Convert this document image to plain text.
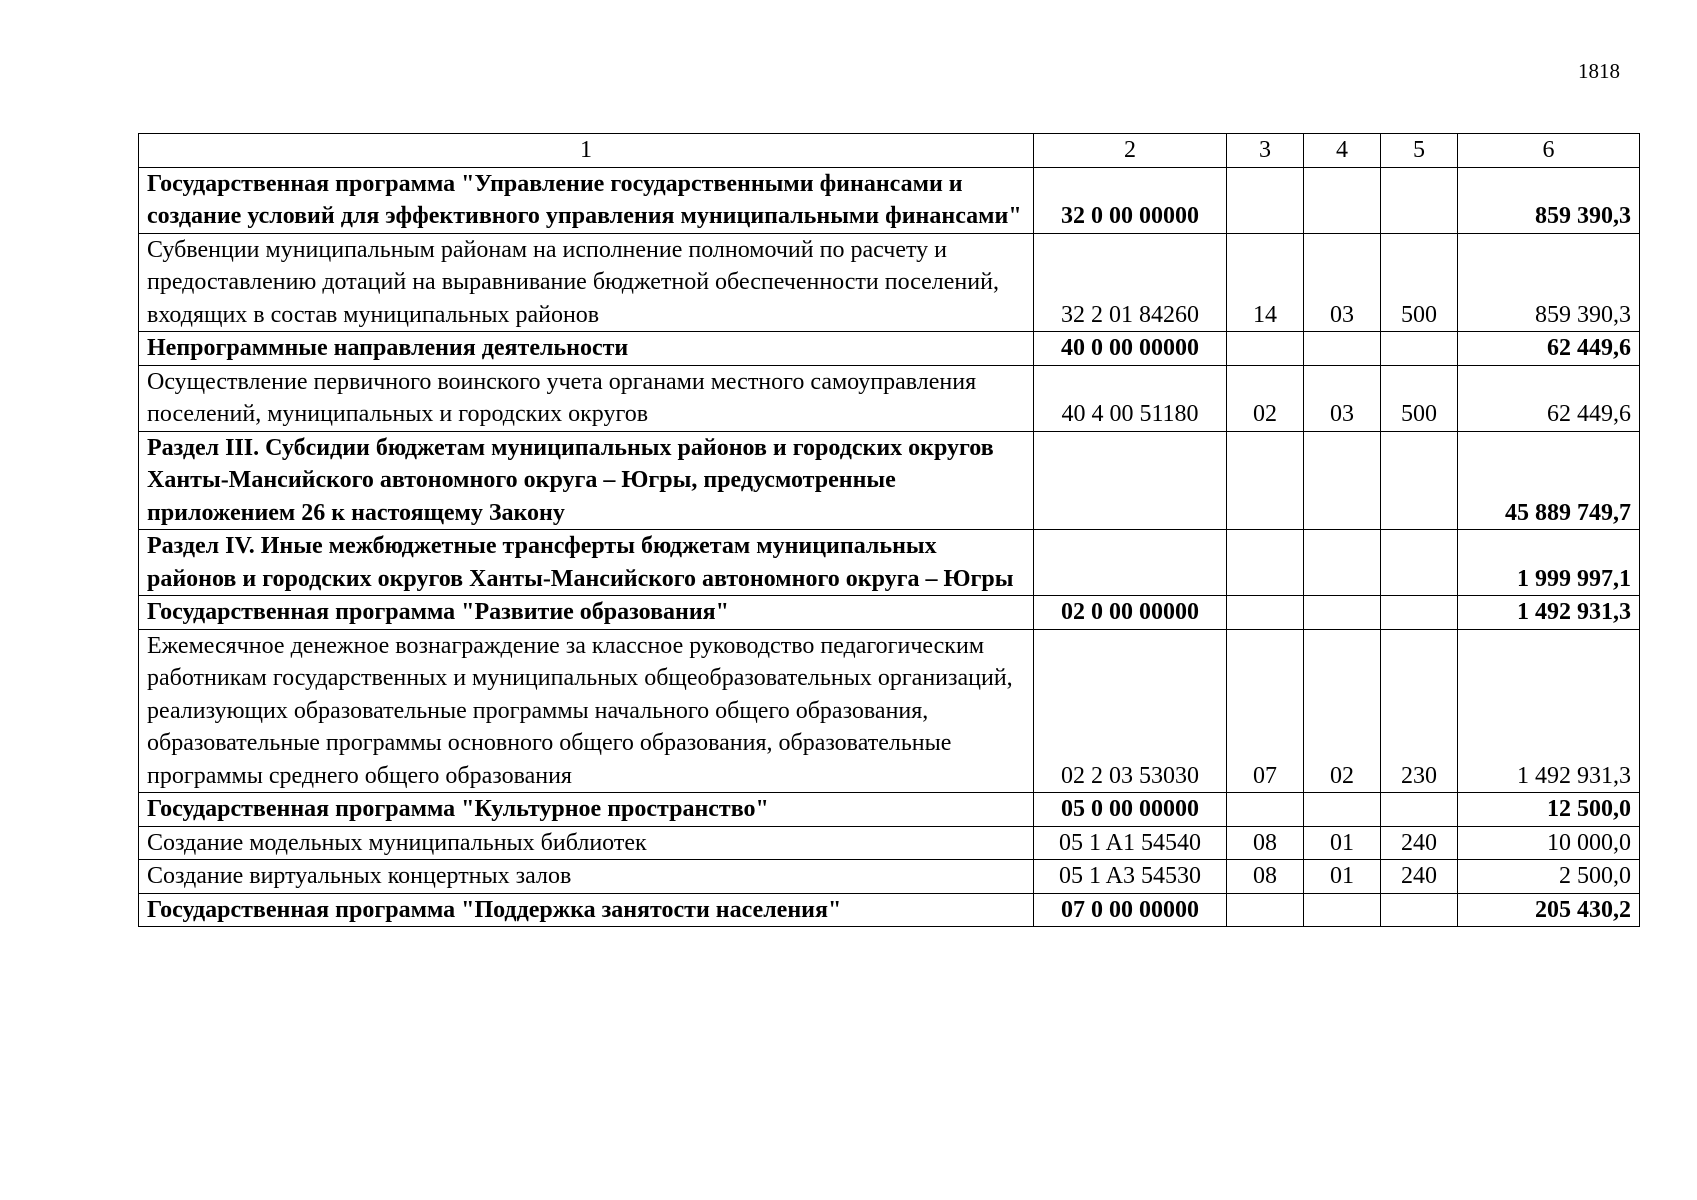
1818
1	2	3	4	5	6
Государственная программа "Управление государственными финансами и создание условий для эффективного управления муниципальными финансами"	32 0 00 00000				859 390,3
Субвенции муниципальным районам на исполнение полномочий по расчету и предоставлению дотаций на выравнивание бюджетной обеспеченности поселений, входящих в состав муниципальных районов	32 2 01 84260	14	03	500	859 390,3
Непрограммные направления деятельности	40 0 00 00000				62 449,6
Осуществление первичного воинского учета органами местного самоуправления поселений, муниципальных и городских округов	40 4 00 51180	02	03	500	62 449,6
Раздел III. Субсидии бюджетам муниципальных районов и городских округов Ханты-Мансийского автономного округа – Югры, предусмотренные приложением 26 к настоящему Закону					45 889 749,7
Раздел IV. Иные межбюджетные трансферты бюджетам муниципальных районов и городских округов Ханты-Мансийского автономного округа – Югры					1 999 997,1
Государственная программа "Развитие образования"	02 0 00 00000				1 492 931,3
Ежемесячное денежное вознаграждение за классное руководство педагогическим работникам государственных и муниципальных общеобразовательных организаций, реализующих образовательные программы начального общего образования, образовательные программы основного общего образования, образовательные программы среднего общего образования	02 2 03 53030	07	02	230	1 492 931,3
Государственная программа "Культурное пространство"	05 0 00 00000				12 500,0
Создание модельных муниципальных библиотек	05 1 A1 54540	08	01	240	10 000,0
Создание виртуальных концертных залов	05 1 A3 54530	08	01	240	2 500,0
Государственная программа "Поддержка занятости населения"	07 0 00 00000				205 430,2
